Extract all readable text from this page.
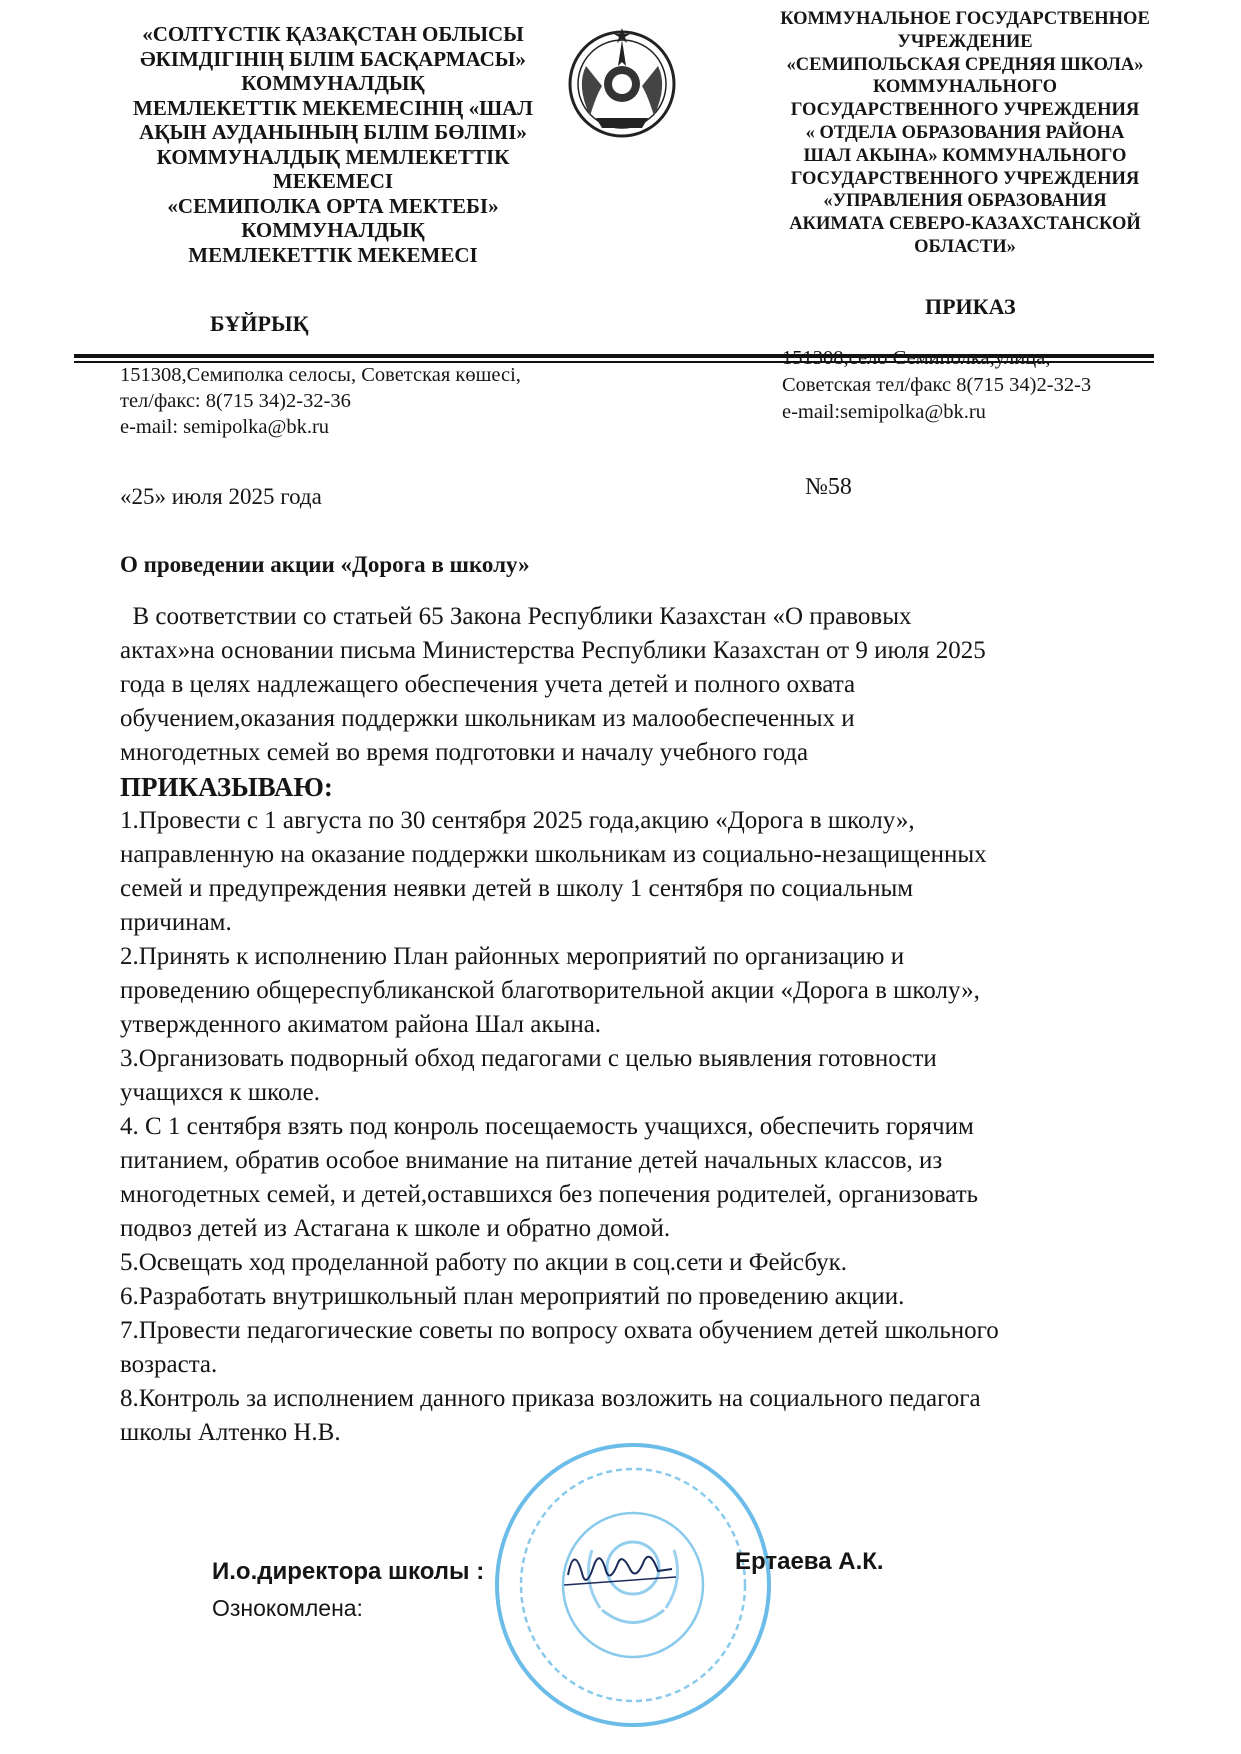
«СОЛТҮСТІК ҚАЗАҚСТАН ОБЛЫСЫ
ӘКІМДІГІНІҢ БІЛІМ БАСҚАРМАСЫ»
КОММУНАЛДЫҚ
МЕМЛЕКЕТТІК МЕКЕМЕСІНІҢ «ШАЛ
АҚЫН АУДАНЫНЫҢ БІЛІМ БӨЛІМІ»
КОММУНАЛДЫҚ МЕМЛЕКЕТТІК
МЕКЕМЕСІ
«СЕМИПОЛКА ОРТА МЕКТЕБІ»
КОММУНАЛДЫҚ
МЕМЛЕКЕТТІК МЕКЕМЕСІ
КОММУНАЛЬНОЕ ГОСУДАРСТВЕННОЕ
УЧРЕЖДЕНИЕ
«СЕМИПОЛЬСКАЯ СРЕДНЯЯ ШКОЛА»
КОММУНАЛЬНОГО
ГОСУДАРСТВЕННОГО УЧРЕЖДЕНИЯ
« ОТДЕЛА ОБРАЗОВАНИЯ РАЙОНА
ШАЛ АКЫНА» КОММУНАЛЬНОГО
ГОСУДАРСТВЕННОГО УЧРЕЖДЕНИЯ
«УПРАВЛЕНИЯ ОБРАЗОВАНИЯ
АКИМАТА СЕВЕРО-КАЗАХСТАНСКОЙ
ОБЛАСТИ»
БҰЙРЫҚ
ПРИКАЗ
151308,Семиполка селосы, Советская көшесі,
тел/факс: 8(715 34)2-32-36
e-mail: semipolka@bk.ru
151308,село Семиполка,улица,
Советская тел/факс 8(715 34)2-32-3
e-mail:semipolka@bk.ru
«25» июля 2025 года	№58
О проведении акции «Дорога в школу»
В соответствии со статьей 65 Закона Республики Казахстан «О правовых
актах»на основании письма Министерства Республики Казахстан от 9 июля 2025
года в целях надлежащего обеспечения учета детей и полного охвата
обучением,оказания поддержки школьникам из малообеспеченных и
многодетных семей во время подготовки и началу учебного года
ПРИКАЗЫВАЮ:
1.Провести с 1 августа по 30 сентября 2025 года,акцию «Дорога в школу»,
направленную на оказание поддержки школьникам из социально-незащищенных
семей и предупреждения неявки детей в школу 1 сентября по социальным
причинам.
2.Принять к исполнению План районных мероприятий по организацию и
проведению общереспубликанской благотворительной акции «Дорога в школу»,
утвержденного акиматом района Шал акына.
3.Организовать подворный обход педагогами с целью выявления готовности
учащихся к школе.
4. С 1 сентября взять под конроль посещаемость учащихся, обеспечить горячим
питанием, обратив особое внимание на питание детей начальных классов, из
многодетных семей, и детей,оставшихся без попечения родителей, организовать
подвоз детей из Астагана к школе и обратно домой.
5.Освещать ход проделанной работу по акции в соц.сети и Фейсбук.
6.Разработать внутришкольный план мероприятий по проведению акции.
7.Провести педагогические советы по вопросу охвата обучением детей школьного
возраста.
8.Контроль за исполнением данного приказа возложить на социального педагога
школы Алтенко Н.В.
И.о.директора школы :	Ертаева А.К.
Ознокомлена:
